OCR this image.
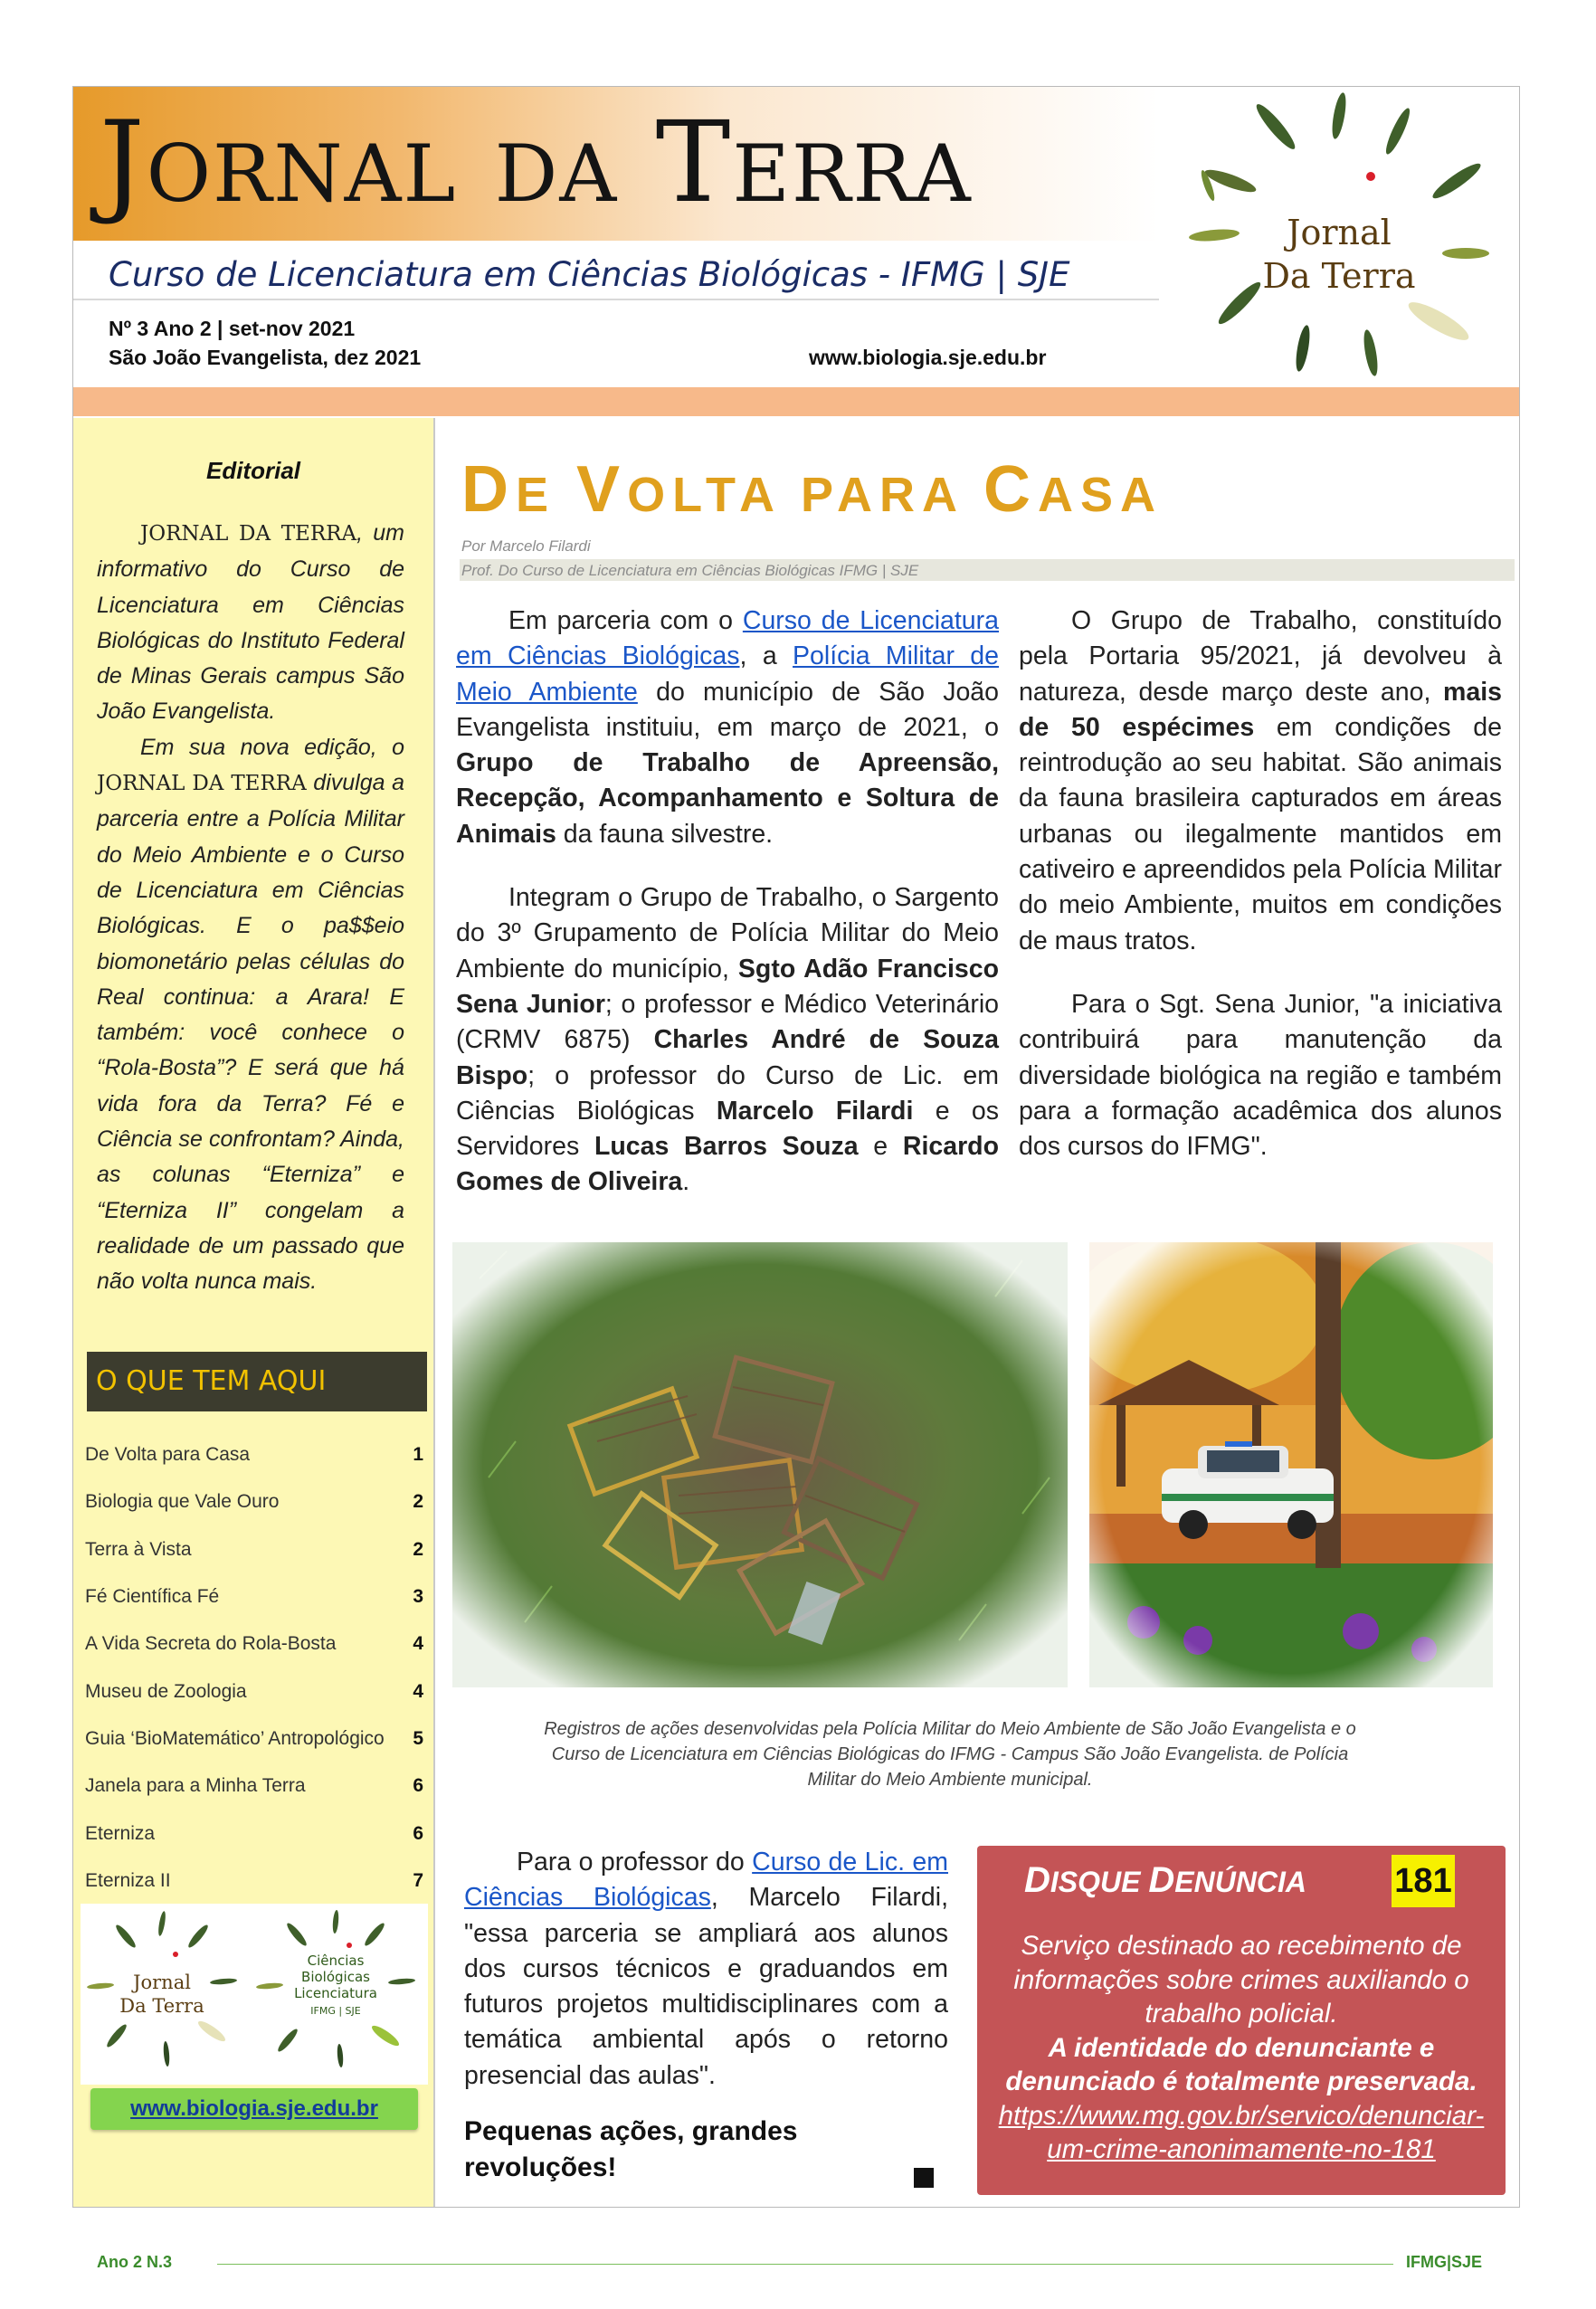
Jornal da Terra
Jornal
Da Terra
Curso de Licenciatura em Ciências Biológicas - IFMG | SJE
Nº 3 Ano 2 | set-nov 2021
São João Evangelista, dez 2021	www.biologia.sje.edu.br
Editorial

JORNAL DA TERRA, um informativo do Curso de Licenciatura em Ciências Biológicas do Instituto Federal de Minas Gerais campus São João Evangelista.

Em sua nova edição, o JORNAL DA TERRA divulga a parceria entre a Polícia Militar do Meio Ambiente e o Curso de Licenciatura em Ciências Biológicas. E o pa$$eio biomonetário pelas células do Real continua: a Arara! E também: você conhece o “Rola-Bosta”? E será que há vida fora da Terra? Fé e Ciência se confrontam? Ainda, as colunas “Eterniza” e “Eterniza II” congelam a realidade de um passado que não volta nunca mais.

O QUE TEM AQUI
De Volta para Casa	1
Biologia que Vale Ouro	2
Terra à Vista	2
Fé Científica Fé	3
A Vida Secreta do Rola-Bosta	4
Museu de Zoologia	4
Guia ‘BioMatemático’ Antropológico 5
Janela para a Minha Terra	6
Eterniza	6
Eterniza II	7
Jornal
Da Terra
Ciências
Biológicas
Licenciatura
IFMG | SJE
www.biologia.sje.edu.br
DE VOLTA PARA CASA
Por Marcelo Filardi
Prof. Do Curso de Licenciatura em Ciências Biológicas IFMG | SJE

Em parceria com o Curso de Licenciatura em Ciências Biológicas, a Polícia Militar de Meio Ambiente do município de São João Evangelista instituiu, em março de 2021, o Grupo de Trabalho de Apreensão, Recepção, Acompanhamento e Soltura de Animais da fauna silvestre.

Integram o Grupo de Trabalho, o Sargento do 3º Grupamento de Polícia Militar do Meio Ambiente do município, Sgto Adão Francisco Sena Junior; o professor e Médico Veterinário (CRMV 6875) Charles André de Souza Bispo; o professor do Curso de Lic. em Ciências Biológicas Marcelo Filardi e os Servidores Lucas Barros Souza e Ricardo Gomes de Oliveira.

O Grupo de Trabalho, constituído pela Portaria 95/2021, já devolveu à natureza, desde março deste ano, mais de 50 espécimes em condições de reintrodução ao seu habitat. São animais da fauna brasileira capturados em áreas urbanas ou ilegalmente mantidos em cativeiro e apreendidos pela Polícia Militar do meio Ambiente, muitos em condições de maus tratos.

Para o Sgt. Sena Junior, "a iniciativa contribuirá para manutenção da diversidade biológica na região e também para a formação acadêmica dos alunos dos cursos do IFMG".

Registros de ações desenvolvidas pela Polícia Militar do Meio Ambiente de São João Evangelista e o Curso de Licenciatura em Ciências Biológicas do IFMG - Campus São João Evangelista. de Polícia Militar do Meio Ambiente municipal.

Para o professor do Curso de Lic. em Ciências Biológicas, Marcelo Filardi, "essa parceria se ampliará aos alunos dos cursos técnicos e graduandos em futuros projetos multidisciplinares com a temática ambiental após o retorno presencial das aulas".

Pequenas ações, grandes revoluções!
DISQUE DENÚNCIA	181
Serviço destinado ao recebimento de informações sobre crimes auxiliando o trabalho policial.
A identidade do denunciante e denunciado é totalmente preservada.
https://www.mg.gov.br/servico/denunciar-um-crime-anonimamente-no-181
Ano 2 N.3	IFMG|SJE
